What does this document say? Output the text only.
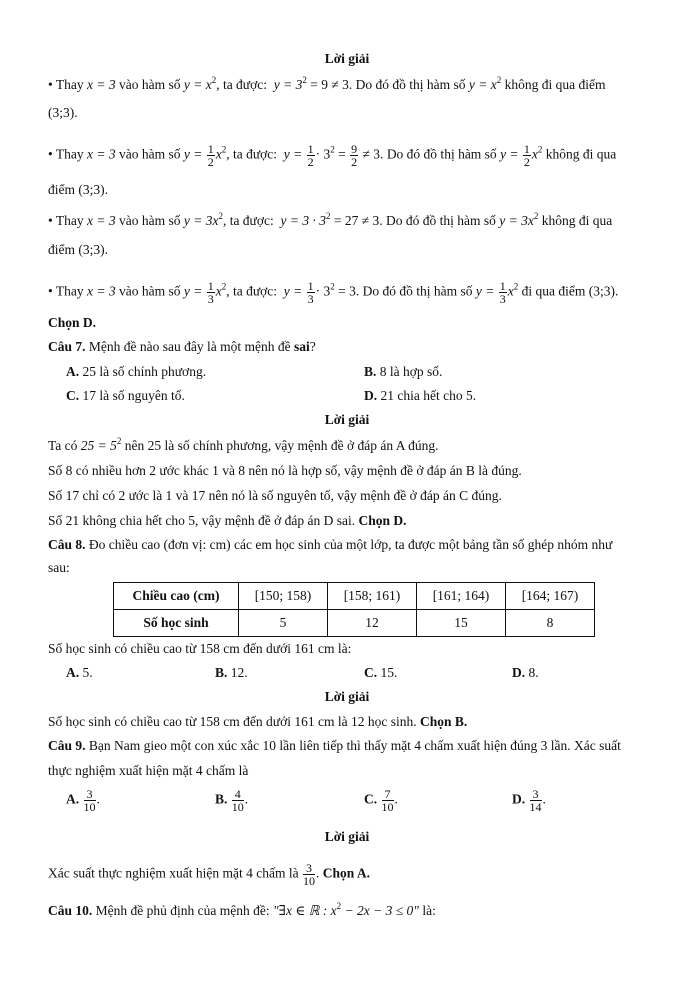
Lời giải
• Thay x = 3 vào hàm số $y = x^2$, ta được: $y = 3^2 = 9 \ne 3$. Do đó đồ thị hàm số $y = x^2$ không đi qua điểm
(3;3).
• Thay x = 3 vào hàm số $y = \frac{1}{2} x^2$, ta được: $y = \frac{1}{2} \cdot 3^2 = \frac{9}{2} \ne 3$. Do đó đồ thị hàm số $y = \frac{1}{2} x^2$ không đi qua
điểm (3;3).
• Thay x = 3 vào hàm số $y = 3x^2$, ta được: $y = 3 \cdot 3^2 = 27 \ne 3$. Do đó đồ thị hàm số $y = 3x^2$ không đi qua
điểm (3;3).
• Thay x = 3 vào hàm số $y = \frac{1}{3} x^2$, ta được: $y = \frac{1}{3} \cdot 3^2 = 3$. Do đó đồ thị hàm số $y = \frac{1}{3} x^2$ đi qua điểm (3;3).
Chọn D.
Câu 7. Mệnh đề nào sau đây là một mệnh đề sai?
A. 25 là số chính phương.	B. 8 là hợp số.
C. 17 là số nguyên tố.	D. 21 chia hết cho 5.
Lời giải
Ta có $25 = 5^2$ nên 25 là số chính phương, vậy mệnh đề ở đáp án A đúng.
Số 8 có nhiều hơn 2 ước khác 1 và 8 nên nó là hợp số, vậy mệnh đề ở đáp án B là đúng.
Số 17 chỉ có 2 ước là 1 và 17 nên nó là số nguyên tố, vậy mệnh đề ở đáp án C đúng.
Số 21 không chia hết cho 5, vậy mệnh đề ở đáp án D sai. Chọn D.
Câu 8. Đo chiều cao (đơn vị: cm) các em học sinh của một lớp, ta được một bảng tần số ghép nhóm như
sau:
Chiều cao (cm)	[150; 158)	[158; 161)	[161; 164)	[164; 167)
Số học sinh	5	12	15	8
Số học sinh có chiều cao từ 158 cm đến dưới 161 cm là:
A. 5.	B. 12.	C. 15.	D. 8.
Lời giải
Số học sinh có chiều cao từ 158 cm đến dưới 161 cm là 12 học sinh. Chọn B.
Câu 9. Bạn Nam gieo một con xúc xắc 10 lần liên tiếp thì thấy mặt 4 chấm xuất hiện đúng 3 lần. Xác suất
thực nghiệm xuất hiện mặt 4 chấm là
A. $\frac{3}{10}$ .	B. $\frac{4}{10}$ .	C. $\frac{7}{10}$ .	D. $\frac{3}{14}$ .
Lời giải
Xác suất thực nghiệm xuất hiện mặt 4 chấm là $\frac{3}{10}$ . Chọn A.
Câu 10. Mệnh đề phủ định của mệnh đề: "∃x ∈ ℝ : $x^2 - 2x - 3 \le 0$" là:
